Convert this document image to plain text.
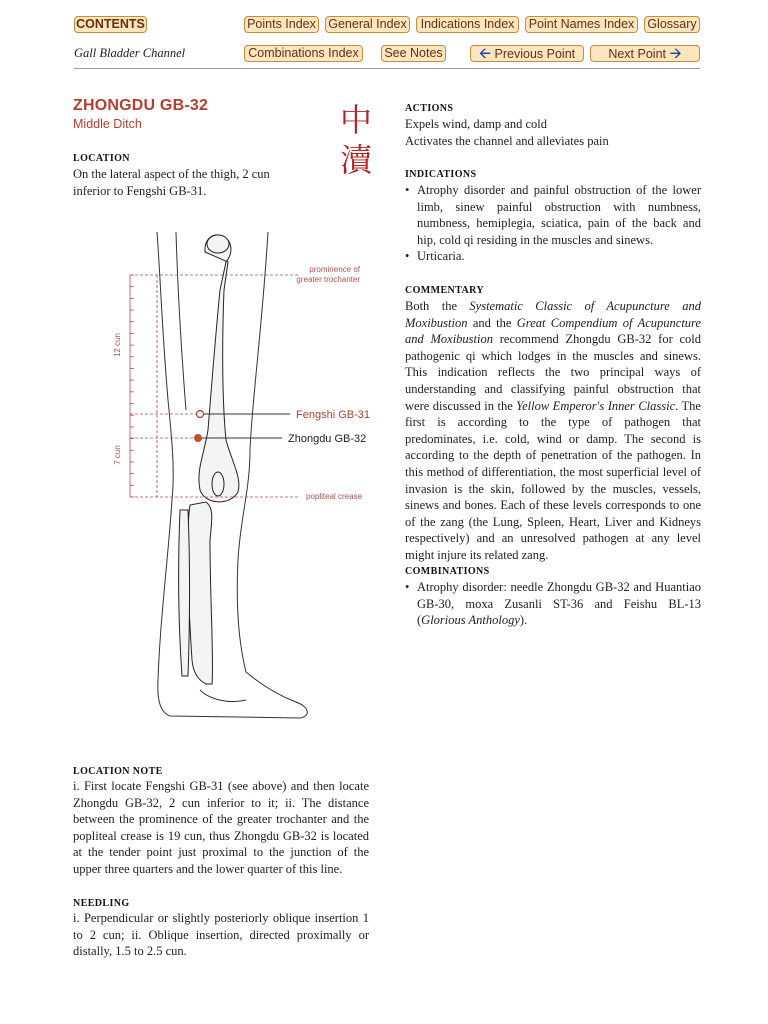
CONTENTS	Points Index General Index	Indications Index	Point Names Index Glossary
Combinations Index	See Notes	🡨 Previous Point	Next Point 🡪
Gall Bladder Channel
ZHONGDU GB-32
Middle Ditch	中
瀆
LOCATION
On the lateral aspect of the thigh, 2 cun inferior to Fengshi GB-31.
prominence of
greater trochanter
Fengshi GB-31
Zhongdu GB-32
popliteal crease
12 cun
7 cun
LOCATION NOTE
i. First locate Fengshi GB-31 (see above) and then locate Zhongdu GB-32, 2 cun inferior to it; ii. The distance between the prominence of the greater trochanter and the popliteal crease is 19 cun, thus Zhongdu GB-32 is located at the tender point just proximal to the junction of the upper three quarters and the lower quarter of this line.
NEEDLING
i. Perpendicular or slightly posteriorly oblique insertion 1 to 2 cun; ii. Oblique insertion, directed proximally or distally, 1.5 to 2.5 cun.
ACTIONS

Expels wind, damp and cold

Activates the channel and alleviates pain

INDICATIONS
• Atrophy disorder and painful obstruction of the lower limb, sinew painful obstruction with numbness, numbness, hemiplegia, sciatica, pain of the back and hip, cold qi residing in the muscles and sinews.
• Urticaria.
COMMENTARY
Both the Systematic Classic of Acupuncture and Moxibustion and the Great Compendium of Acupuncture and Moxibustion recommend Zhongdu GB-32 for cold pathogenic qi which lodges in the muscles and sinews. This indication reflects the two principal ways of understanding and classifying painful obstruction that were discussed in the Yellow Emperor's Inner Classic. The first is according to the type of pathogen that predominates, i.e. cold, wind or damp. The second is according to the depth of penetration of the pathogen. In this method of differentiation, the most superficial level of invasion is the skin, followed by the muscles, vessels, sinews and bones. Each of these levels corresponds to one of the zang (the Lung, Spleen, Heart, Liver and Kidneys respectively) and an unresolved pathogen at any level might injure its related zang.
COMBINATIONS
• Atrophy disorder: needle Zhongdu GB-32 and Huantiao GB-30, moxa Zusanli ST-36 and Feishu BL-13 (Glorious Anthology).
